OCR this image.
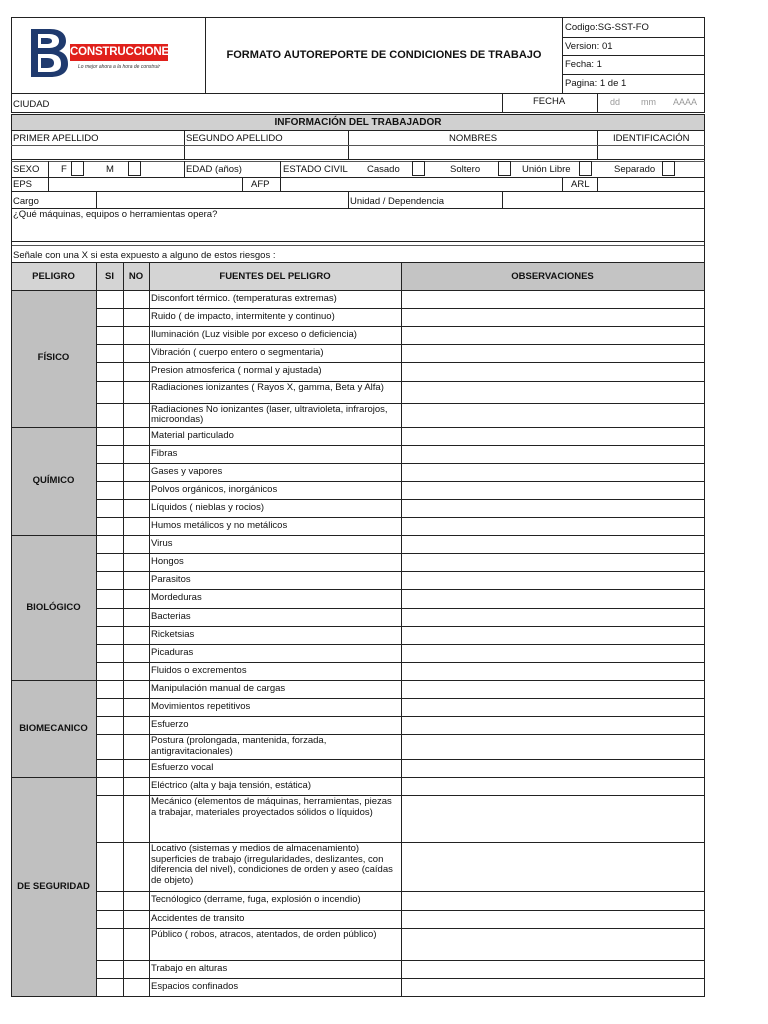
CONSTRUCCIONES
Lo mejor ahora a la hora de construir
FORMATO AUTOREPORTE DE CONDICIONES DE TRABAJO
Codigo:SG-SST-FO
Version: 01
Fecha: 1
Pagina: 1 de 1
CIUDAD	FECHA	dd mm AAAA
INFORMACIÓN DEL TRABAJADOR
PRIMER APELLIDO	SEGUNDO APELLIDO	NOMBRES	IDENTIFICACIÓN
SEXO F	M	EDAD (años)	ESTADO CIVIL Casado	Soltero	Unión Libre	Separado
EPS	AFP	ARL
Cargo	Unidad / Dependencia
¿Qué máquinas, equipos o herramientas opera?
Señale con una X si esta expuesto a alguno de estos riesgos :
PELIGRO	SI	NO	FUENTES DEL PELIGRO	OBSERVACIONES
FÍSICO
Disconfort térmico. (temperaturas extremas)
Ruido ( de impacto, intermitente y continuo)
Iluminación (Luz visible por exceso o deficiencia)
Vibración ( cuerpo entero o segmentaria)
Presion atmosferica ( normal y ajustada)
Radiaciones ionizantes ( Rayos X, gamma, Beta y Alfa)
Radiaciones No ionizantes (laser, ultravioleta, infrarojos, microondas)
QUÍMICO
Material particulado
Fibras
Gases y vapores
Polvos orgánicos, inorgánicos
Líquidos ( nieblas y rocios)
Humos metálicos y no metálicos
BIOLÓGICO
Virus
Hongos
Parasitos
Mordeduras
Bacterias
Ricketsias
Picaduras
Fluidos o excrementos
BIOMECANICO
Manipulación manual de cargas
Movimientos repetitivos
Esfuerzo
Postura (prolongada, mantenida, forzada, antigravitacionales)
Esfuerzo vocal
DE SEGURIDAD
Eléctrico (alta y baja tensión, estática)
Mecánico (elementos de máquinas, herramientas, piezas a trabajar, materiales proyectados sólidos o líquidos)
Locativo (sistemas y medios de almacenamiento) superficies de trabajo (irregularidades, deslizantes, con diferencia del nivel), condiciones de orden y aseo (caídas de objeto)
Tecnólogico (derrame, fuga, explosión o incendio)
Accidentes de transito
Público ( robos, atracos, atentados, de orden público)
Trabajo en alturas
Espacios confinados
